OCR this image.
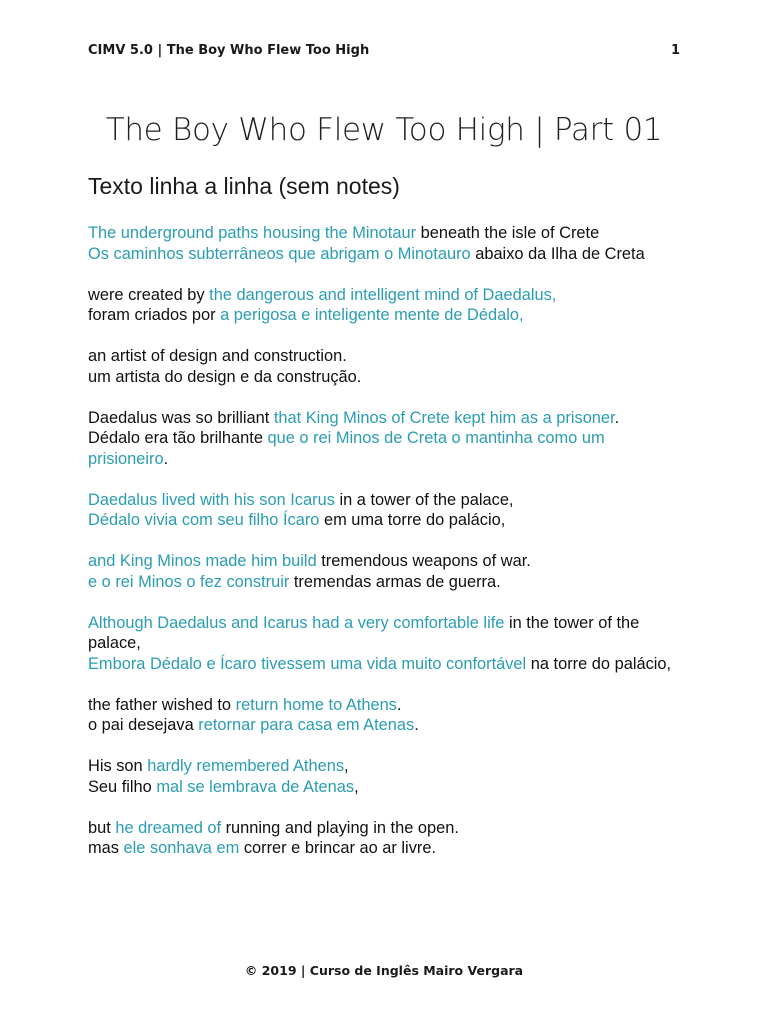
CIMV 5.0 | The Boy Who Flew Too High	1
The Boy Who Flew Too High | Part 01
Texto linha a linha (sem notes)
The underground paths housing the Minotaur beneath the isle of Crete
Os caminhos subterrâneos que abrigam o Minotauro abaixo da Ilha de Creta
were created by the dangerous and intelligent mind of Daedalus,
foram criados por a perigosa e inteligente mente de Dédalo,
an artist of design and construction.
um artista do design e da construção.
Daedalus was so brilliant that King Minos of Crete kept him as a prisoner.
Dédalo era tão brilhante que o rei Minos de Creta o mantinha como um prisioneiro.
Daedalus lived with his son Icarus in a tower of the palace,
Dédalo vivia com seu filho Ícaro em uma torre do palácio,
and King Minos made him build tremendous weapons of war.
e o rei Minos o fez construir tremendas armas de guerra.
Although Daedalus and Icarus had a very comfortable life in the tower of the palace,
Embora Dédalo e Ícaro tivessem uma vida muito confortável na torre do palácio,
the father wished to return home to Athens.
o pai desejava retornar para casa em Atenas.
His son hardly remembered Athens,
Seu filho mal se lembrava de Atenas,
but he dreamed of running and playing in the open.
mas ele sonhava em correr e brincar ao ar livre.
© 2019 | Curso de Inglês Mairo Vergara
